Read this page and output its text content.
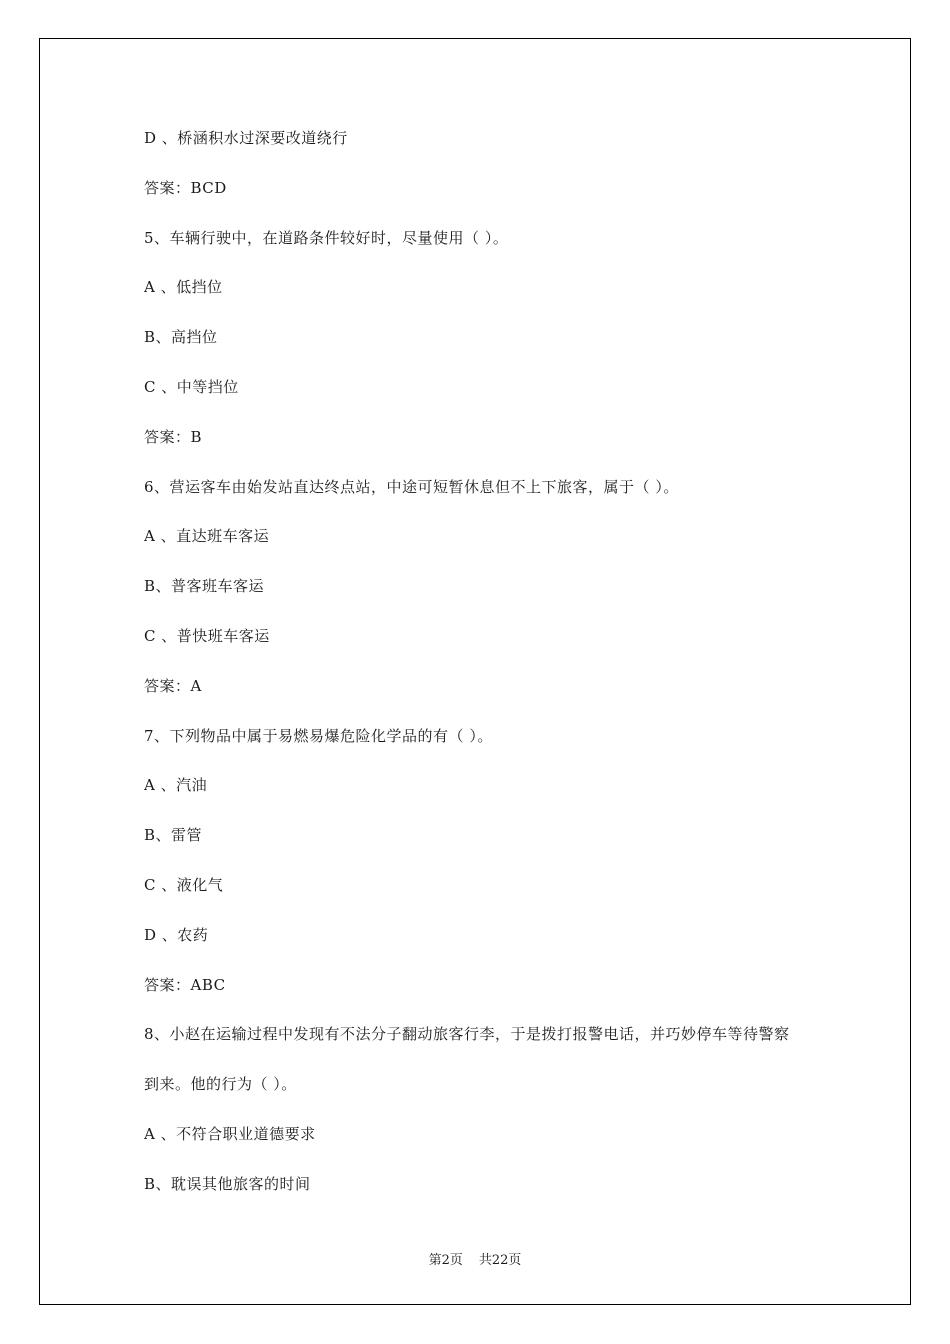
D 、桥涵积水过深要改道绕行
答案：BCD
5、车辆行驶中，在道路条件较好时，尽量使用（ ）。
A 、低挡位
B、高挡位
C 、中等挡位
答案：B
6、营运客车由始发站直达终点站，中途可短暂休息但不上下旅客，属于（ ）。
A 、直达班车客运
B、普客班车客运
C 、普快班车客运
答案：A
7、下列物品中属于易燃易爆危险化学品的有（ ）。
A 、汽油
B、雷管
C 、液化气
D 、农药
答案：ABC
8、小赵在运输过程中发现有不法分子翻动旅客行李，于是拨打报警电话，并巧妙停车等待警察
到来。他的行为（ ）。
A 、不符合职业道德要求
B、耽误其他旅客的时间
第2页 共22页
